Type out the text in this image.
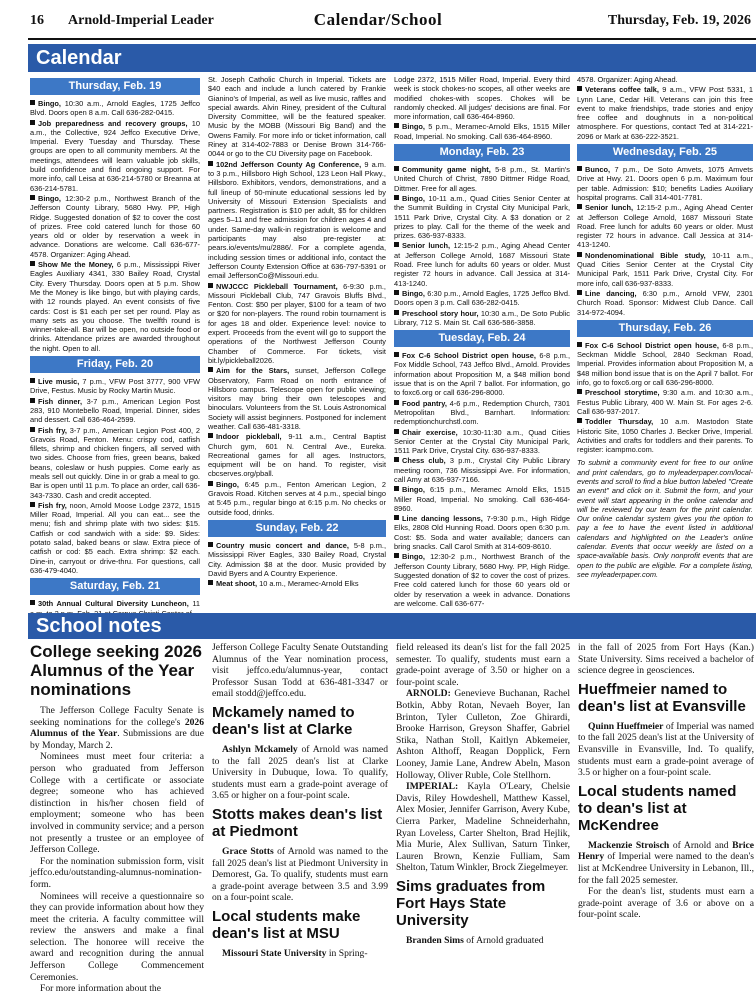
16 Arnold-Imperial Leader	Calendar/School	Thursday, Feb. 19, 2026
Calendar
Thursday, Feb. 19
Bingo, 10:30 a.m., Arnold Eagles, 1725 Jeffco Blvd. Doors open 8 a.m. Call 636-282-0415.
Job preparedness and recovery groups, 10 a.m., the Collective, 924 Jeffco Executive Drive, Imperial. Every Tuesday and Thursday. These groups are open to all community members. At the meetings, attendees will learn valuable job skills, build confidence and find ongoing support. For more info, call Leisa at 636-214-5780 or Breanna at 636-214-5781.
Bingo, 12:30-2 p.m., Northwest Branch of the Jefferson County Library, 5680 Hwy. PP, High Ridge. Suggested donation of $2 to cover the cost of prizes. Free cold catered lunch for those 60 years old or older by reservation a week in advance. Donations are welcome. Call 636-677-4578. Organizer: Aging Ahead.
Show Me the Money, 6 p.m., Mississippi River Eagles Auxiliary 4341, 330 Bailey Road, Crystal City. Every Thursday. Doors open at 5 p.m. Show Me the Money is like bingo, but with playing cards, with 12 rounds played. An event consists of five cards: Cost is $1 each per set per round. Play as many sets as you choose. The twelfth round is winner-take-all. Bar will be open, no outside food or drinks. Attendance prizes are awarded throughout the night. Open to all.
Friday, Feb. 20
Live music, 7 p.m., VFW Post 3777, 900 VFW Drive, Festus. Music by Rocky Martin Music.
Fish dinner, 3-7 p.m., American Legion Post 283, 910 Montebello Road, Imperial. Dinner, sides and dessert. Call 636-464-2599.
Fish fry, 3-7 p.m., American Legion Post 400, 2 Gravois Road, Fenton. Menu: crispy cod, catfish fillets, shrimp and chicken fingers, all served with two sides. Choose from fries, green beans, baked beans, coleslaw or hush puppies. Come early as meals sell out quickly. Dine in or grab a meal to go. Bar is open until 11 p.m. To place an order, call 636-343-7330. Cash and credit accepted.
Fish fry, noon, Arnold Moose Lodge 2372, 1515 Miller Road, Imperial. All you can eat... see the menu; fish and shrimp plate with two sides: $15. Catfish or cod sandwich with a side: $9. Sides: potato salad, baked beans or slaw. Extra piece of catfish or cod: $5 each. Extra shrimp: $2 each. Dine-in, carryout or drive-thru. For questions, call 636-479-4040.
Saturday, Feb. 21
30th Annual Cultural Diversity Luncheon, 11
St. Joseph Catholic Church in Imperial. Tickets are $40 each and include a lunch catered by Frankie Gianino's of Imperial, as well as live music, raffles and special awards. Alvin Riney, president of the Cultural Diversity Committee, will be the featured speaker. Music by the MOBB (Missouri Big Band) and the Owens Family. For more info or ticket information, call Riney at 314-402-7883 or Denise Brown 314-766-0044 or go to the CU Diversity page on Facebook.
102nd Jefferson County Ag Conference, 9 a.m. to 3 p.m., Hillsboro High School, 123 Leon Hall Pkwy., Hillsboro. Exhibitors, vendors, demonstrations, and a full lineup of 50-minute educational sessions led by University of Missouri Extension Specialists and partners. Registration is $10 per adult, $5 for children ages 5–11 and free admission for children ages 4 and under. Same-day walk-in registration is welcome and participants may also pre-register at: pears.io/events/mu/2886/. For a complete agenda, including session times or additional info, contact the Jefferson County Extension Office at 636-797-5391 or email JeffersonCo@Missouri.edu.
NWJCCC Pickleball Tournament, 6-9:30 p.m., Missouri Pickleball Club, 747 Gravois Bluffs Blvd., Fenton. Cost: $50 per player, $100 for a team of two or $20 for non-players. The round robin tournament is for ages 18 and older. Experience level: novice to expert. Proceeds from the event will go to support the operations of the Northwest Jefferson County Chamber of Commerce. For tickets, visit bit.ly/pickleball2026.
Aim for the Stars, sunset, Jefferson College Observatory, Farm Road on north entrance of Hillsboro campus. Telescope open for public viewing; visitors may bring their own telescopes and binoculars. Volunteers from the St. Louis Astronomical Society will assist beginners. Postponed for inclement weather. Call 636-481-3318.
Indoor pickleball, 9-11 a.m., Central Baptist Church gym, 601 N. Central Ave., Eureka. Recreational games for all ages. Instructors, equipment will be on hand. To register, visit cbcserves.org/pball.
Bingo, 6:45 p.m., Fenton American Legion, 2 Gravois Road. Kitchen serves at 4 p.m., special bingo at 5:45 p.m., regular bingo at 6:15 p.m. No checks or outside food, drinks.
Sunday, Feb. 22
Country music concert and dance, 5-8 p.m., Mississippi River Eagles, 330 Bailey Road, Crystal City. Admission $8 at the door. Music provided by David Byers and A Country Experience.
Meat shoot, 10 a.m., Meramec-Arnold Elks
Lodge 2372, 1515 Miller Road, Imperial. Every third week is stock chokes-no scopes, all other weeks are modified chokes-with scopes. Chokes will be randomly checked. All judges' decisions are final. For more information, call 636-464-8960.
Bingo, 5 p.m., Meramec-Arnold Elks, 1515 Miller Road, Imperial. No smoking. Call 636-464-8960.
Monday, Feb. 23
Community game night, 5-8 p.m., St. Martin's United Church of Christ, 7890 Dittmer Ridge Road, Dittmer. Free for all ages.
Bingo, 10-11 a.m., Quad Cities Senior Center at the Summit Building in Crystal City Municipal Park, 1511 Park Drive, Crystal City. A $3 donation or 2 prizes to play. Call for the theme of the week and prizes. 636-937-8333.
Senior lunch, 12:15-2 p.m., Aging Ahead Center at Jefferson College Arnold, 1687 Missouri State Road. Free lunch for adults 60 years or older. Must register 72 hours in advance. Call Jessica at 314-413-1240.
Bingo, 6:30 p.m., Arnold Eagles, 1725 Jeffco Blvd. Doors open 3 p.m. Call 636-282-0415.
Preschool story hour, 10:30 a.m., De Soto Public Library, 712 S. Main St. Call 636-586-3858.
Tuesday, Feb. 24
Fox C-6 School District open house, 6-8 p.m., Fox Middle School, 743 Jeffco Blvd., Arnold. Provides information about Proposition M, a $48 million bond issue that is on the April 7 ballot. For information, go to foxc6.org or call 636-296-8000.
Food pantry, 4-6 p.m., Redemption Church, 7301 Metropolitan Blvd., Barnhart. Information: redemptionchurchstl.com.
Chair exercise, 10:30-11:30 a.m., Quad Cities Senior Center at the Crystal City Municipal Park, 1511 Park Drive, Crystal City. 636-937-8333.
Chess club, 3 p.m., Crystal City Public Library meeting room, 736 Mississippi Ave. For information, call Amy at 636-937-7166.
Bingo, 6:15 p.m., Meramec Arnold Elks, 1515 Miller Road, Imperial. No smoking. Call 636-464-8960.
Line dancing lessons, 7-9:30 p.m., High Ridge Elks, 2808 Old Hunning Road. Doors open 6:30 p.m. Cost: $5. Soda and water available; dancers can bring snacks. Call Carol Smith at 314-609-8610.
Bingo, 12:30-2 p.m., Northwest Branch of the Jefferson County Library, 5680 Hwy. PP, High Ridge. Suggested donation of $2 to cover the cost of prizes. Free cold catered lunch for those 60 years old or older by reservation a week in advance. Donations are welcome. Call 636-677-
4578. Organizer: Aging Ahead.
Veterans coffee talk, 9 a.m., VFW Post 5331, 1 Lynn Lane, Cedar Hill. Veterans can join this free event to make friendships, trade stories and enjoy free coffee and doughnuts in a non-political atmosphere. For questions, contact Ted at 314-221-2096 or Mark at 636-222-3521.
Wednesday, Feb. 25
Bunco, 7 p.m., De Soto Amvets, 1075 Amvets Drive at Hwy. 21. Doors open 6 p.m. Maximum four per table. Admission: $10; benefits Ladies Auxiliary hospital programs. Call 314-401-7781.
Senior lunch, 12:15-2 p.m., Aging Ahead Center at Jefferson College Arnold, 1687 Missouri State Road. Free lunch for adults 60 years or older. Must register 72 hours in advance. Call Jessica at 314-413-1240.
Nondenominational Bible study, 10-11 a.m., Quad Cities Senior Center at the Crystal City Municipal Park, 1511 Park Drive, Crystal City. For more info, call 636-937-8333.
Line dancing, 6:30 p.m., Arnold VFW, 2301 Church Road. Sponsor: Midwest Club Dance. Call 314-972-4094.
Thursday, Feb. 26
Fox C-6 School District open house, 6-8 p.m., Seckman Middle School, 2840 Seckman Road, Imperial. Provides information about Proposition M, a $48 million bond issue that is on the April 7 ballot. For info, go to foxc6.org or call 636-296-8000.
Preschool storytime, 9:30 a.m. and 10:30 a.m., Festus Public Library, 400 W. Main St. For ages 2-6. Call 636-937-2017.
Toddler Thursday, 10 a.m. Mastodon State Historic Site, 1050 Charles J. Becker Drive, Imperial. Activities and crafts for toddlers and their parents. To register: icampmo.com.
To submit a community event for free to our online and print calendars, go to myleaderpaper.com/local-events and scroll to find a blue button labeled "Create an event" and click on it. Submit the form, and your event will start appearing in the online calendar and will be reviewed by our team for the print calendar. Our online calendar system gives you the option to pay a fee to have the event listed in additional calendars and highlighted on the Leader's online calendar. Events that occur weekly are listed on a space-available basis. Only nonprofit events that are open to the public are eligible. For a complete listing, see myleaderpaper.com.
School notes
College seeking 2026 Alumnus of the Year nominations

The Jefferson College Faculty Senate is seeking nominations for the college's 2026 Alumnus of the Year. Submissions are due by Monday, March 2.

Nominees must meet four criteria: a person who graduated from Jefferson College with a certificate or associate degree; someone who has achieved distinction in his/her chosen field of employment; someone who has been involved in community service; and a person not presently a trustee or an employee of Jefferson College.

For the nomination submission form, visit jeffco.edu/outstanding-alumnus-nomination-form.

Nominees will receive a questionnaire so they can provide information about how they meet the criteria. A faculty committee will review the answers and make a final selection. The honoree will receive the award and recognition during the annual Jefferson College Commencement Ceremonies.

For more information about the

Jefferson College Faculty Senate Outstanding Alumnus of the Year nomination process, visit jeffco.edu/alumnus-year, contact Professor Susan Todd at 636-481-3347 or email stodd@jeffco.edu.

Mckamely named to dean's list at Clarke

Ashlyn Mckamely of Arnold was named to the fall 2025 dean's list at Clarke University in Dubuque, Iowa. To qualify, students must earn a grade-point average of 3.65 or higher on a four-point scale.

Stotts makes dean's list at Piedmont

Grace Stotts of Arnold was named to the fall 2025 dean's list at Piedmont University in Demorest, Ga. To qualify, students must earn a grade-point average between 3.5 and 3.99 on a four-point scale.

Local students make dean's list at MSU

Missouri State University in Spring-

field released its dean's list for the fall 2025 semester. To qualify, students must earn a grade-point average of 3.50 or higher on a four-point scale.

ARNOLD: Genevieve Buchanan, Rachel Botkin, Abby Rotan, Nevaeh Boyer, Ian Brinton, Tyler Culleton, Zoe Ghirardi, Brooke Harrison, Greyson Shaffer, Gabriel Stika, Nathan Stoll, Kaitlyn Abkemeier, Ashton Althoff, Reagan Dopplick, Fern Looney, Jamie Lane, Andrew Abeln, Mason Holloway, Oliver Ruble, Cole Stellhorn.

IMPERIAL: Kayla O'Leary, Chelsie Davis, Riley Howdeshell, Matthew Kassel, Alex Mosier, Jennifer Garrison, Avery Kube, Cierra Parker, Madeline Schneiderhahn, Ryan Loveless, Carter Shelton, Brad Hejlik, Mia Murie, Alex Sullivan, Saturn Tinker, Lauren Brown, Kenzie Fulliam, Sam Shelton, Tatum Winkler, Brock Ziegelmeyer.

Sims graduates from Fort Hays State University

Branden Sims of Arnold graduated

in the fall of 2025 from Fort Hays (Kan.) State University. Sims received a bachelor of science degree in geosciences.

Hueffmeier named to dean's list at Evansville

Quinn Hueffmeier of Imperial was named to the fall 2025 dean's list at the University of Evansville in Evansville, Ind. To qualify, students must earn a grade-point average of 3.5 or higher on a four-point scale.

Local students named to dean's list at McKendree

Mackenzie Stroisch of Arnold and Brice Henry of Imperial were named to the dean's list at McKendree University in Lebanon, Ill., for the fall 2025 semester.

For the dean's list, students must earn a grade-point average of 3.6 or above on a four-point scale.
